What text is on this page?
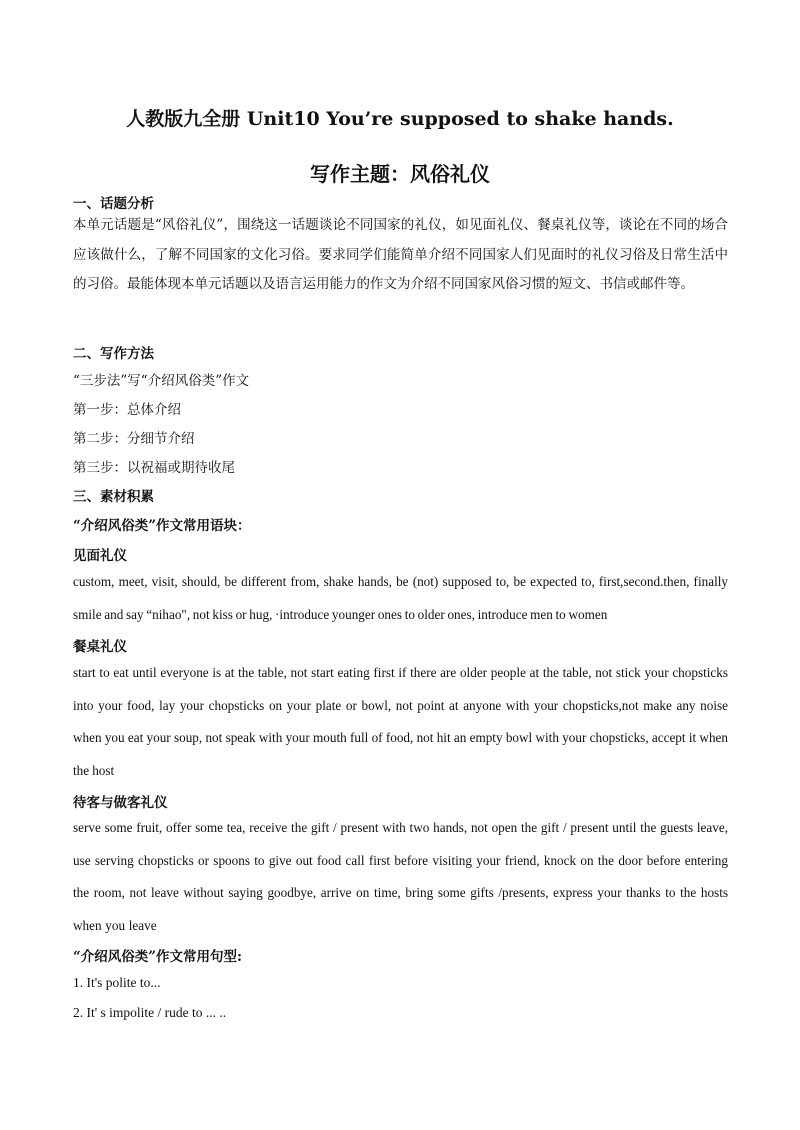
人教版九全册 Unit10 You’re supposed to shake hands.

写作主题：风俗礼仪

一、话题分析

本单元话题是“风俗礼仪”，围绕这一话题谈论不同国家的礼仪，如见面礼仪、餐桌礼仪等，谈论在不同的场合应该做什么，了解不同国家的文化习俗。要求同学们能简单介绍不同国家人们见面时的礼仪习俗及日常生活中的习俗。最能体现本单元话题以及语言运用能力的作文为介绍不同国家风俗习惯的短文、书信或邮件等。

二、写作方法

“三步法”写“介绍风俗类”作文

第一步：总体介绍

第二步：分细节介绍

第三步：以祝福或期待收尾

三、素材积累

“介绍风俗类”作文常用语块：

见面礼仪

custom, meet, visit, should, be different from, shake hands, be (not) supposed to, be expected to, first,second.then, finally smile and say “nihao", not kiss or hug, ·introduce younger ones to older ones, introduce men to women

餐桌礼仪

start to eat until everyone is at the table, not start eating first if there are older people at the table, not stick your chopsticks into your food, lay your chopsticks on your plate or bowl, not point at anyone with your chopsticks,not make any noise when you eat your soup, not speak with your mouth full of food, not hit an empty bowl with your chopsticks, accept it when the host

待客与做客礼仪

serve some fruit, offer some tea, receive the gift / present with two hands, not open the gift / present until the guests leave, use serving chopsticks or spoons to give out food call first before visiting your friend, knock on the door before entering the room, not leave without saying goodbye, arrive on time, bring some gifts /presents, express your thanks to the hosts when you leave

“介绍风俗类”作文常用句型:

1. It's polite to...

2. It' s impolite / rude to ... ..
